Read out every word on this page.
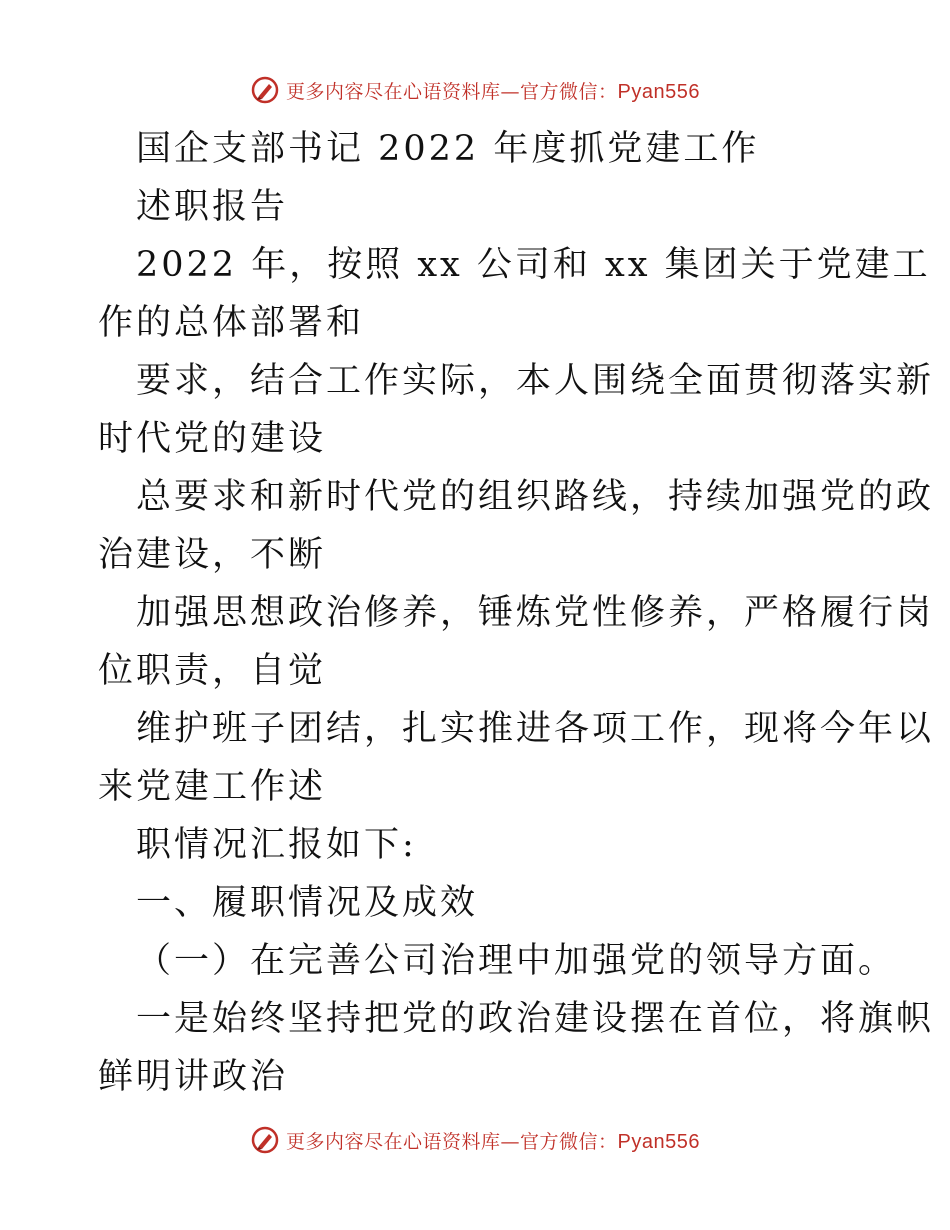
更多内容尽在心语资料库—官方微信：Pyan556
国企支部书记 2022 年度抓党建工作
述职报告
2022 年，按照 xx 公司和 xx 集团关于党建工
作的总体部署和
要求，结合工作实际，本人围绕全面贯彻落实新
时代党的建设
总要求和新时代党的组织路线，持续加强党的政
治建设，不断
加强思想政治修养，锤炼党性修养，严格履行岗
位职责，自觉
维护班子团结，扎实推进各项工作，现将今年以
来党建工作述
职情况汇报如下:
一、履职情况及成效
（一）在完善公司治理中加强党的领导方面。
一是始终坚持把党的政治建设摆在首位，将旗帜
鲜明讲政治
更多内容尽在心语资料库—官方微信：Pyan556
